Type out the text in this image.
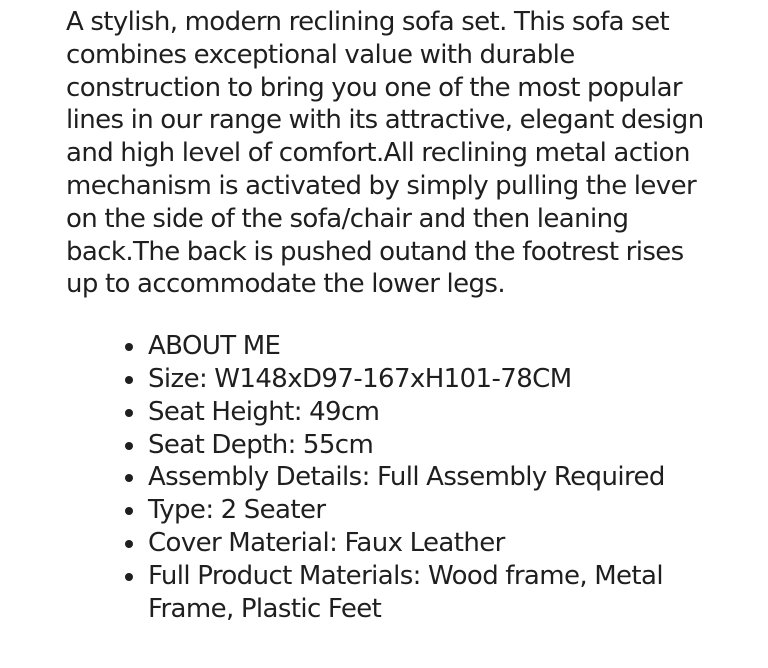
A stylish, modern reclining sofa set. This sofa set combines exceptional value with durable construction to bring you one of the most popular lines in our range with its attractive, elegant design and high level of comfort.All reclining metal action mechanism is activated by simply pulling the lever on the side of the sofa/chair and then leaning back.The back is pushed outand the footrest rises up to accommodate the lower legs.

ABOUT ME
Size: W148xD97-167xH101-78CM
Seat Height: 49cm
Seat Depth: 55cm
Assembly Details: Full Assembly Required
Type: 2 Seater
Cover Material: Faux Leather
Full Product Materials: Wood frame, Metal Frame, Plastic Feet
